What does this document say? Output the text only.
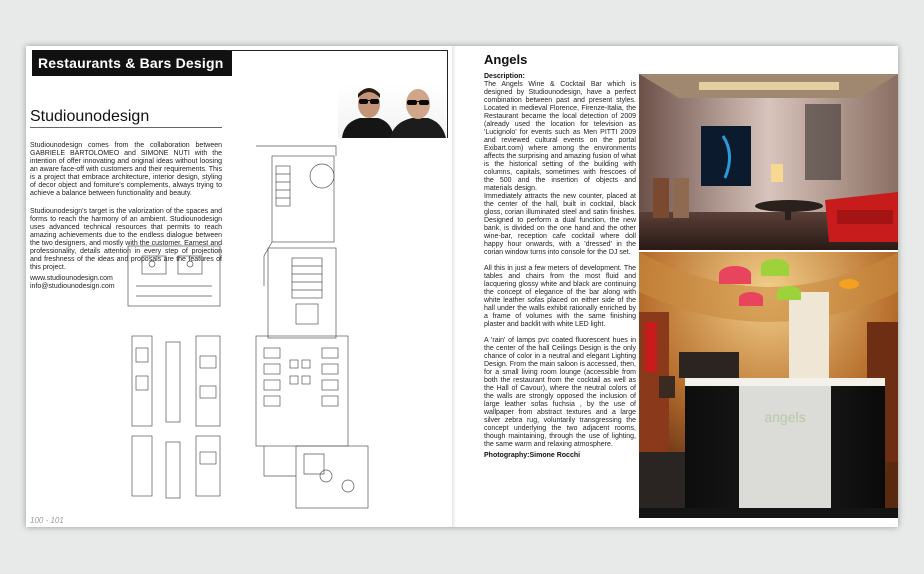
Restaurants & Bars Design
Studiounodesign

Studiounodesign comes from the collaboration between GABRIELE BARTOLOMEO and SIMONE NUTI with the intention of offer innovating and original ideas without loosing an aware face-off with customers and their requirements. This is a project that embrace architecture, interior design, styling of decor object and forniture's complements, always trying to achieve a balance between functionality and beauty.

Studiounodesign's target is the valorization of the spaces and forms to reach the harmony of an ambient. Studiounodesign uses advanced technical resources that permits to reach amazing achievements due to the endless dialogue between the two designers, and mostly with the customer. Earnest and professionality, details attention in every step of projection and freshness of the ideas and proposals are the features of this project.

www.studiounodesign.com
info@studiounodesign.com
100 - 101
Angels
Description:

The Angels Wine & Cocktail Bar which is designed by Studiounodesign, have a perfect combination between past and present styles. Located in medieval Florence, Firenze-Italia, the Restaurant became the local detection of 2009 (already used the location for television as 'Lucignolo' for events such as Men PITTI 2009 and reviewed cultural events on the portal Exibart.com) where among the environments affects the surprising and amazing fusion of what is the historical setting of the building with columns, capitals, sometimes with frescoes of the 500 and the insertion of objects and materials design.

Immediately attracts the new counter, placed at the center of the hall, built in cocktail, black gloss, corian illuminated steel and satin finishes. Designed to perform a dual function, the new bank, is divided on the one hand and the other wine-bar, reception cafe cocktail where doll happy hour onwards, with a 'dressed' in the corian window turns into console for the DJ set.

All this in just a few meters of development. The tables and chairs from the most fluid and lacquering glossy white and black are continuing the concept of elegance of the bar along with white leather sofas placed on either side of the hall under the walls exhibit rationally enriched by a frame of volumes with the same finishing plaster and backlit with white LED light.

A 'rain' of lamps pvc coated fluorescent hues in the center of the hall Ceilings Design is the only chance of color in a neutral and elegant Lighting Design. From the main saloon is accessed, then, for a small living room lounge (accessible from both the restaurant from the cocktail as well as the Hall of Cavour), where the neutral colors of the walls are strongly opposed the inclusion of large leather sofas fuchsia , by the use of wallpaper from abstract textures and a large silver zebra rug, voluntarily transgressing the concept underlying the two adjacent rooms, though maintaining, through the use of lighting, the same warm and relaxing atmosphere.

Photography:Simone Rocchi
angels
